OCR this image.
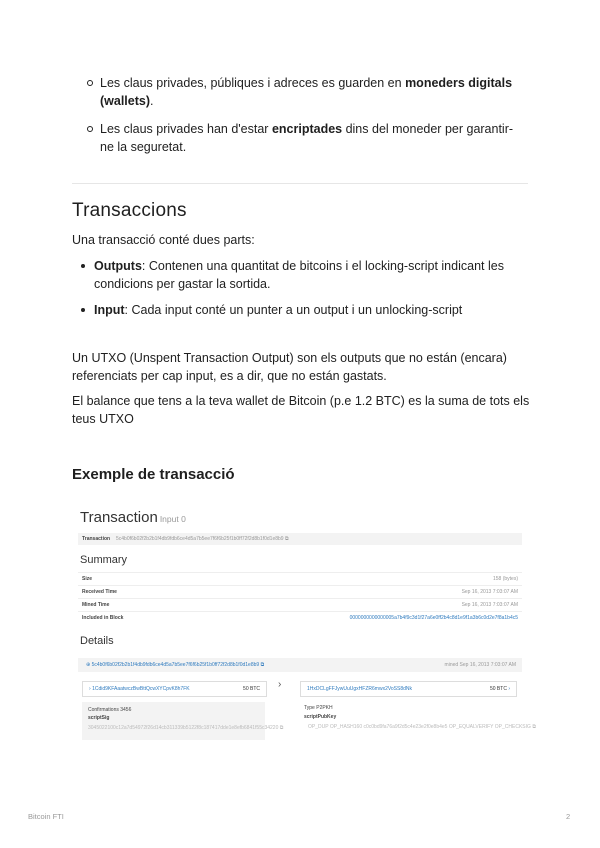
Les claus privades, públiques i adreces es guarden en moneders digitals (wallets).
Les claus privades han d'estar encriptades dins del moneder per garantir-ne la seguretat.
Transaccions

Una transacció conté dues parts:

Outputs: Contenen una quantitat de bitcoins i el locking-script indicant les condicions per gastar la sortida.
Input: Cada input conté un punter a un output i un unlocking-script

Un UTXO (Unspent Transaction Output) son els outputs que no están (encara) referenciats per cap input, es a dir, que no están gastats.

El balance que tens a la teva wallet de Bitcoin (p.e 1.2 BTC) es la suma de tots els teus UTXO

Exemple de transacció
Transaction Input 0
Transaction 5c4b0f6b02f2b2b1f4db9fdb6ce4d5a7b5ee7f6f6b25f1b0ff72f2d8b1f0d1e8b9 ⧉
Summary
Size	158 (bytes)
Received Time	Sep 16, 2013 7:03:07 AM
Mined Time	Sep 16, 2013 7:03:07 AM
Included in Block	0000000000000005a7b4f9c3d1f27a6e0ff2b4c8d1e9f1a3b6c0d2e7f8a1b4c5
Details
⊕ 5c4b0f6b02f2b2b1f4db9fdb6ce4d5a7b5ee7f6f6b25f1b0ff72f2d8b1f0d1e8b9 ⧉	mined Sep 16, 2013 7:03:07 AM
› 1Cdid9KFAaatwczBwBttQcwXYCpvK8h7FK	50 BTC ›	1HxDCLgFFJywUuUgxHFZR6mwx2VoSS8dNk	50 BTC ›
Confirmations 3456
scriptSig
3045022100c12a7d54972f26d14cb311339b5122f8c187417dde1e8efb6841f55c34220 ⧉
Type P2PKH
scriptPubKey
OP_DUP OP_HASH160 c0c0bd9fa76a9f2d5c4e23e2f0e8b4e5 OP_EQUALVERIFY OP_CHECKSIG ⧉
Bitcoin FTI	2
